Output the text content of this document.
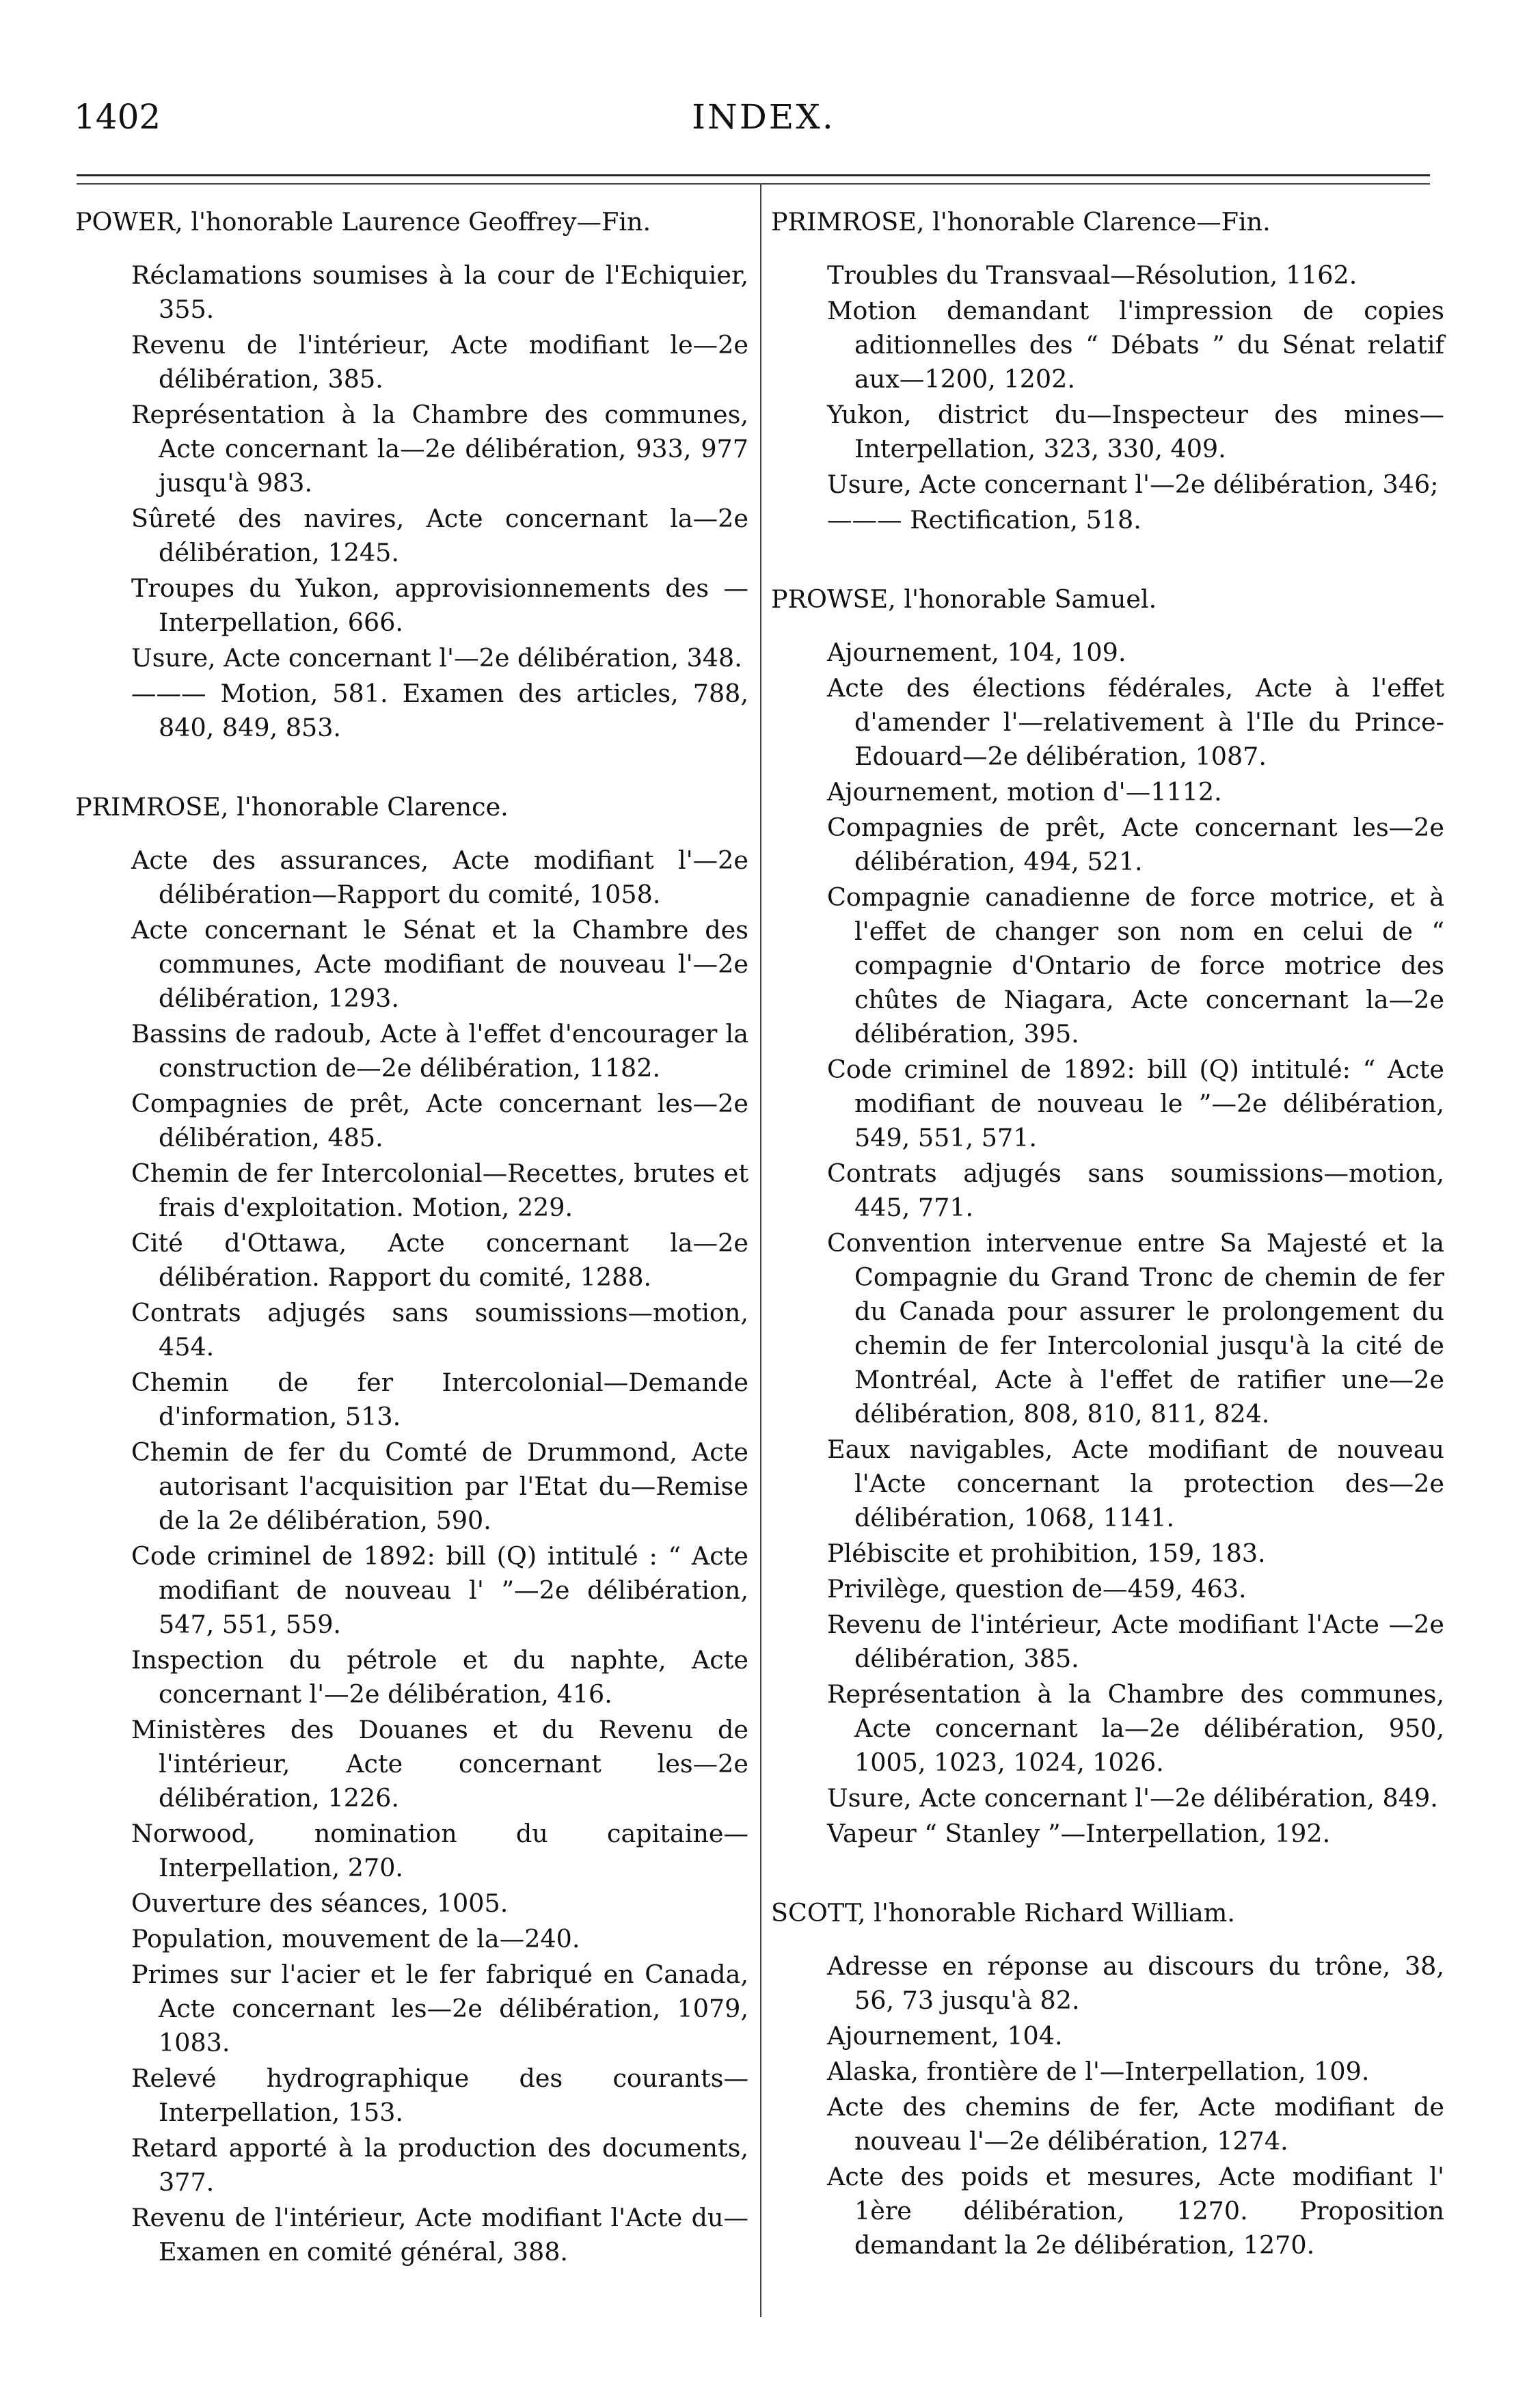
1402	INDEX.
POWER, l'honorable Laurence Geoffrey—Fin.
Réclamations soumises à la cour de l'Echiquier, 355.
Revenu de l'intérieur, Acte modifiant le—2e délibération, 385.
Représentation à la Chambre des communes, Acte concernant la—2e délibération, 933, 977 jusqu'à 983.
Sûreté des navires, Acte concernant la—2e délibération, 1245.
Troupes du Yukon, approvisionnements des —Interpellation, 666.
Usure, Acte concernant l'—2e délibération, 348.
——— Motion, 581. Examen des articles, 788, 840, 849, 853.
PRIMROSE, l'honorable Clarence.
Acte des assurances, Acte modifiant l'—2e délibération—Rapport du comité, 1058.
Acte concernant le Sénat et la Chambre des communes, Acte modifiant de nouveau l'—2e délibération, 1293.
Bassins de radoub, Acte à l'effet d'encourager la construction de—2e délibération, 1182.
Compagnies de prêt, Acte concernant les—2e délibération, 485.
Chemin de fer Intercolonial—Recettes, brutes et frais d'exploitation. Motion, 229.
Cité d'Ottawa, Acte concernant la—2e délibération. Rapport du comité, 1288.
Contrats adjugés sans soumissions—motion, 454.
Chemin de fer Intercolonial—Demande d'information, 513.
Chemin de fer du Comté de Drummond, Acte autorisant l'acquisition par l'Etat du—Remise de la 2e délibération, 590.
Code criminel de 1892: bill (Q) intitulé : “ Acte modifiant de nouveau l' ”—2e délibération, 547, 551, 559.
Inspection du pétrole et du naphte, Acte concernant l'—2e délibération, 416.
Ministères des Douanes et du Revenu de l'intérieur, Acte concernant les—2e délibération, 1226.
Norwood, nomination du capitaine—Interpellation, 270.
Ouverture des séances, 1005.
Population, mouvement de la—240.
Primes sur l'acier et le fer fabriqué en Canada, Acte concernant les—2e délibération, 1079, 1083.
Relevé hydrographique des courants—Interpellation, 153.
Retard apporté à la production des documents, 377.
Revenu de l'intérieur, Acte modifiant l'Acte du—Examen en comité général, 388.
PRIMROSE, l'honorable Clarence—Fin.
Troubles du Transvaal—Résolution, 1162.
Motion demandant l'impression de copies aditionnelles des “ Débats ” du Sénat relatif aux—1200, 1202.
Yukon, district du—Inspecteur des mines—Interpellation, 323, 330, 409.
Usure, Acte concernant l'—2e délibération, 346;
——— Rectification, 518.
PROWSE, l'honorable Samuel.
Ajournement, 104, 109.
Acte des élections fédérales, Acte à l'effet d'amender l'—relativement à l'Ile du Prince-Edouard—2e délibération, 1087.
Ajournement, motion d'—1112.
Compagnies de prêt, Acte concernant les—2e délibération, 494, 521.
Compagnie canadienne de force motrice, et à l'effet de changer son nom en celui de “ compagnie d'Ontario de force motrice des chûtes de Niagara, Acte concernant la—2e délibération, 395.
Code criminel de 1892: bill (Q) intitulé: “ Acte modifiant de nouveau le ”—2e délibération, 549, 551, 571.
Contrats adjugés sans soumissions—motion, 445, 771.
Convention intervenue entre Sa Majesté et la Compagnie du Grand Tronc de chemin de fer du Canada pour assurer le prolongement du chemin de fer Intercolonial jusqu'à la cité de Montréal, Acte à l'effet de ratifier une—2e délibération, 808, 810, 811, 824.
Eaux navigables, Acte modifiant de nouveau l'Acte concernant la protection des—2e délibération, 1068, 1141.
Plébiscite et prohibition, 159, 183.
Privilège, question de—459, 463.
Revenu de l'intérieur, Acte modifiant l'Acte —2e délibération, 385.
Représentation à la Chambre des communes, Acte concernant la—2e délibération, 950, 1005, 1023, 1024, 1026.
Usure, Acte concernant l'—2e délibération, 849.
Vapeur “ Stanley ”—Interpellation, 192.
SCOTT, l'honorable Richard William.
Adresse en réponse au discours du trône, 38, 56, 73 jusqu'à 82.
Ajournement, 104.
Alaska, frontière de l'—Interpellation, 109.
Acte des chemins de fer, Acte modifiant de nouveau l'—2e délibération, 1274.
Acte des poids et mesures, Acte modifiant l' 1ère délibération, 1270. Proposition demandant la 2e délibération, 1270.
